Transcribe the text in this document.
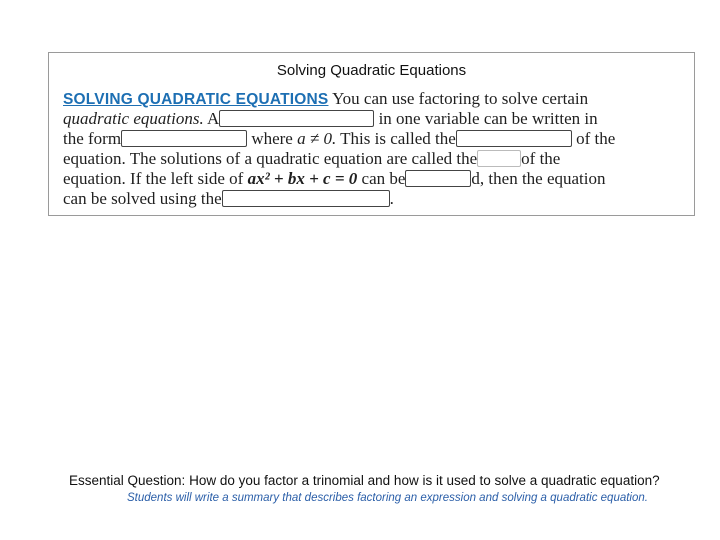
Solving Quadratic Equations
SOLVING QUADRATIC EQUATIONS You can use factoring to solve certain
quadratic equations. A	in one variable can be written in
the form	where a ≠ 0. This is called the	of the
equation. The solutions of a quadratic equation are called the	of the
equation. If the left side of ax² + bx + c = 0 can be	d, then the equation
can be solved using the	.
Essential Question: How do you factor a trinomial and how is it used to solve a quadratic equation?
Students will write a summary that describes factoring an expression and solving a quadratic equation.
